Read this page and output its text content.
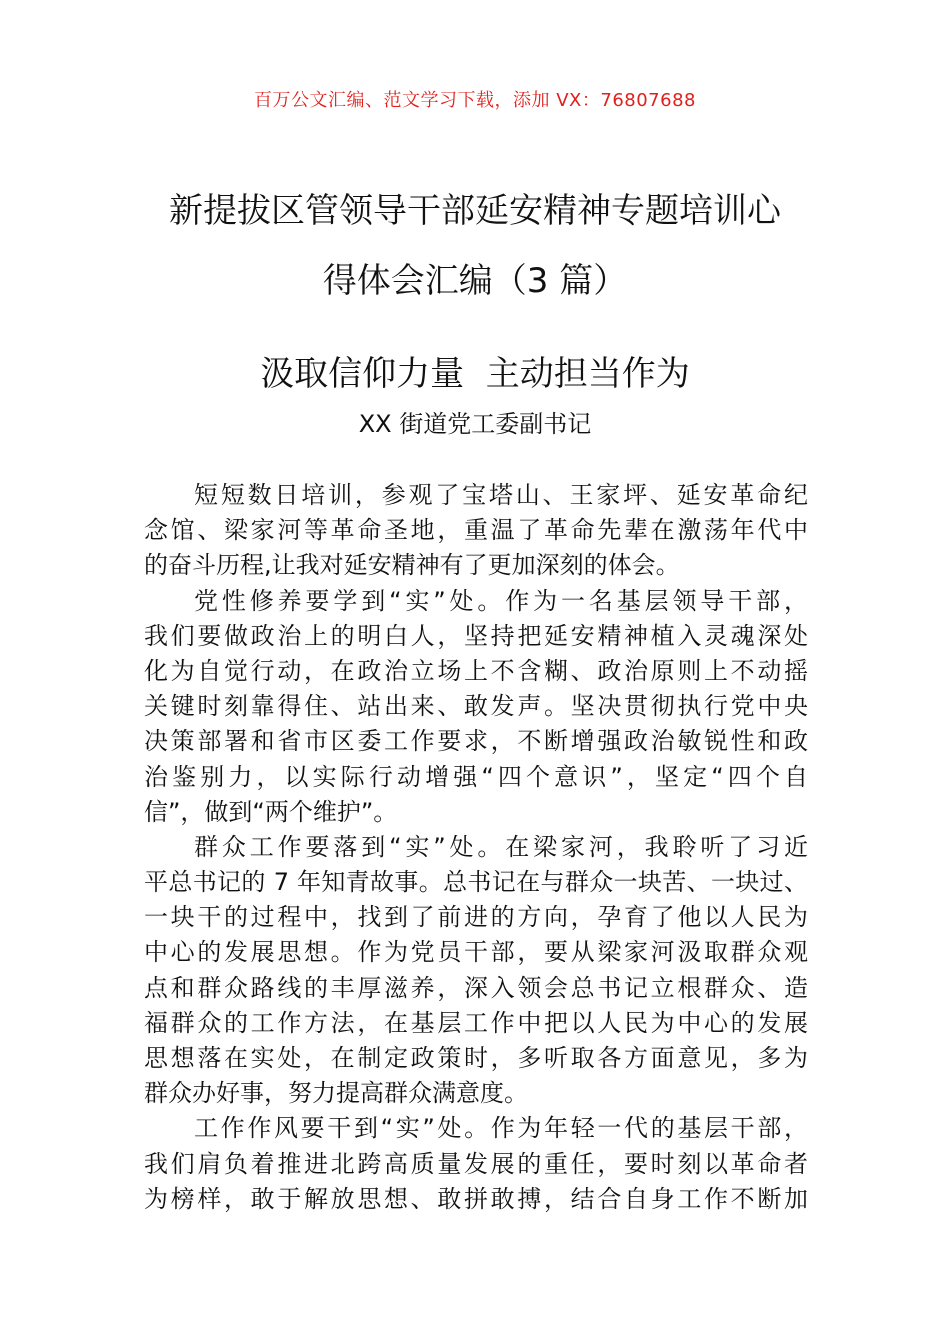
百万公文汇编、范文学习下载，添加 VX：76807688
新提拔区管领导干部延安精神专题培训心
得体会汇编（3 篇）
汲取信仰力量  主动担当作为
XX 街道党工委副书记
短短数日培训，参观了宝塔山、王家坪、延安革命纪
念馆、梁家河等革命圣地，重温了革命先辈在激荡年代中
的奋斗历程,让我对延安精神有了更加深刻的体会。
党性修养要学到“实”处。作为一名基层领导干部，
我们要做政治上的明白人，坚持把延安精神植入灵魂深处
化为自觉行动，在政治立场上不含糊、政治原则上不动摇
关键时刻靠得住、站出来、敢发声。坚决贯彻执行党中央
决策部署和省市区委工作要求，不断增强政治敏锐性和政
治鉴别力，以实际行动增强“四个意识”，坚定“四个自
信”，做到“两个维护”。
群众工作要落到“实”处。在梁家河，我聆听了习近
平总书记的 7 年知青故事。总书记在与群众一块苦、一块过、
一块干的过程中，找到了前进的方向，孕育了他以人民为
中心的发展思想。作为党员干部，要从梁家河汲取群众观
点和群众路线的丰厚滋养，深入领会总书记立根群众、造
福群众的工作方法，在基层工作中把以人民为中心的发展
思想落在实处，在制定政策时，多听取各方面意见，多为
群众办好事，努力提高群众满意度。
工作作风要干到“实”处。作为年轻一代的基层干部，
我们肩负着推进北跨高质量发展的重任，要时刻以革命者
为榜样，敢于解放思想、敢拼敢搏，结合自身工作不断加
